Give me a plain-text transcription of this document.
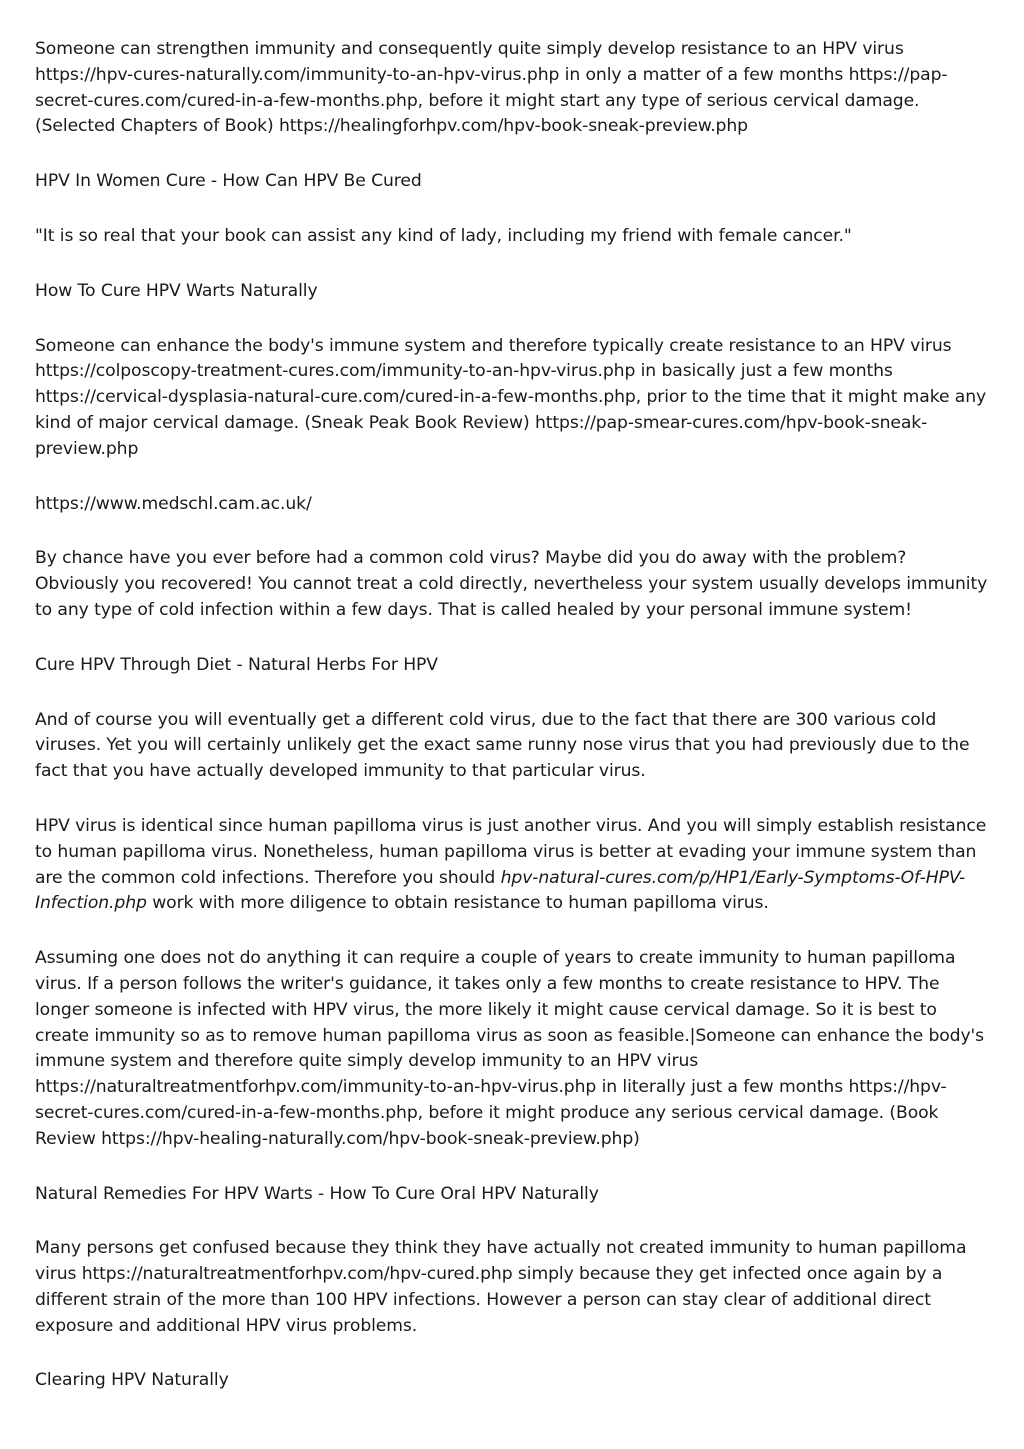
Someone can strengthen immunity and consequently quite simply develop resistance to an HPV virus https://hpv-cures-naturally.com/immunity-to-an-hpv-virus.php in only a matter of a few months https://pap-secret-cures.com/cured-in-a-few-months.php, before it might start any type of serious cervical damage. (Selected Chapters of Book) https://healingforhpv.com/hpv-book-sneak-preview.php

HPV In Women Cure - How Can HPV Be Cured

"It is so real that your book can assist any kind of lady, including my friend with female cancer."

How To Cure HPV Warts Naturally

Someone can enhance the body's immune system and therefore typically create resistance to an HPV virus https://colposcopy-treatment-cures.com/immunity-to-an-hpv-virus.php in basically just a few months https://cervical-dysplasia-natural-cure.com/cured-in-a-few-months.php, prior to the time that it might make any kind of major cervical damage. (Sneak Peak Book Review) https://pap-smear-cures.com/hpv-book-sneak-preview.php

https://www.medschl.cam.ac.uk/

By chance have you ever before had a common cold virus? Maybe did you do away with the problem? Obviously you recovered! You cannot treat a cold directly, nevertheless your system usually develops immunity to any type of cold infection within a few days. That is called healed by your personal immune system!

Cure HPV Through Diet - Natural Herbs For HPV

And of course you will eventually get a different cold virus, due to the fact that there are 300 various cold viruses. Yet you will certainly unlikely get the exact same runny nose virus that you had previously due to the fact that you have actually developed immunity to that particular virus.

HPV virus is identical since human papilloma virus is just another virus. And you will simply establish resistance to human papilloma virus. Nonetheless, human papilloma virus is better at evading your immune system than are the common cold infections. Therefore you should hpv-natural-cures.com/p/HP1/Early-Symptoms-Of-HPV-Infection.php work with more diligence to obtain resistance to human papilloma virus.

Assuming one does not do anything it can require a couple of years to create immunity to human papilloma virus. If a person follows the writer's guidance, it takes only a few months to create resistance to HPV. The longer someone is infected with HPV virus, the more likely it might cause cervical damage. So it is best to create immunity so as to remove human papilloma virus as soon as feasible.|Someone can enhance the body's immune system and therefore quite simply develop immunity to an HPV virus https://naturaltreatmentforhpv.com/immunity-to-an-hpv-virus.php in literally just a few months https://hpv-secret-cures.com/cured-in-a-few-months.php, before it might produce any serious cervical damage. (Book Review https://hpv-healing-naturally.com/hpv-book-sneak-preview.php)

Natural Remedies For HPV Warts - How To Cure Oral HPV Naturally

Many persons get confused because they think they have actually not created immunity to human papilloma virus https://naturaltreatmentforhpv.com/hpv-cured.php simply because they get infected once again by a different strain of the more than 100 HPV infections. However a person can stay clear of additional direct exposure and additional HPV virus problems.

Clearing HPV Naturally
